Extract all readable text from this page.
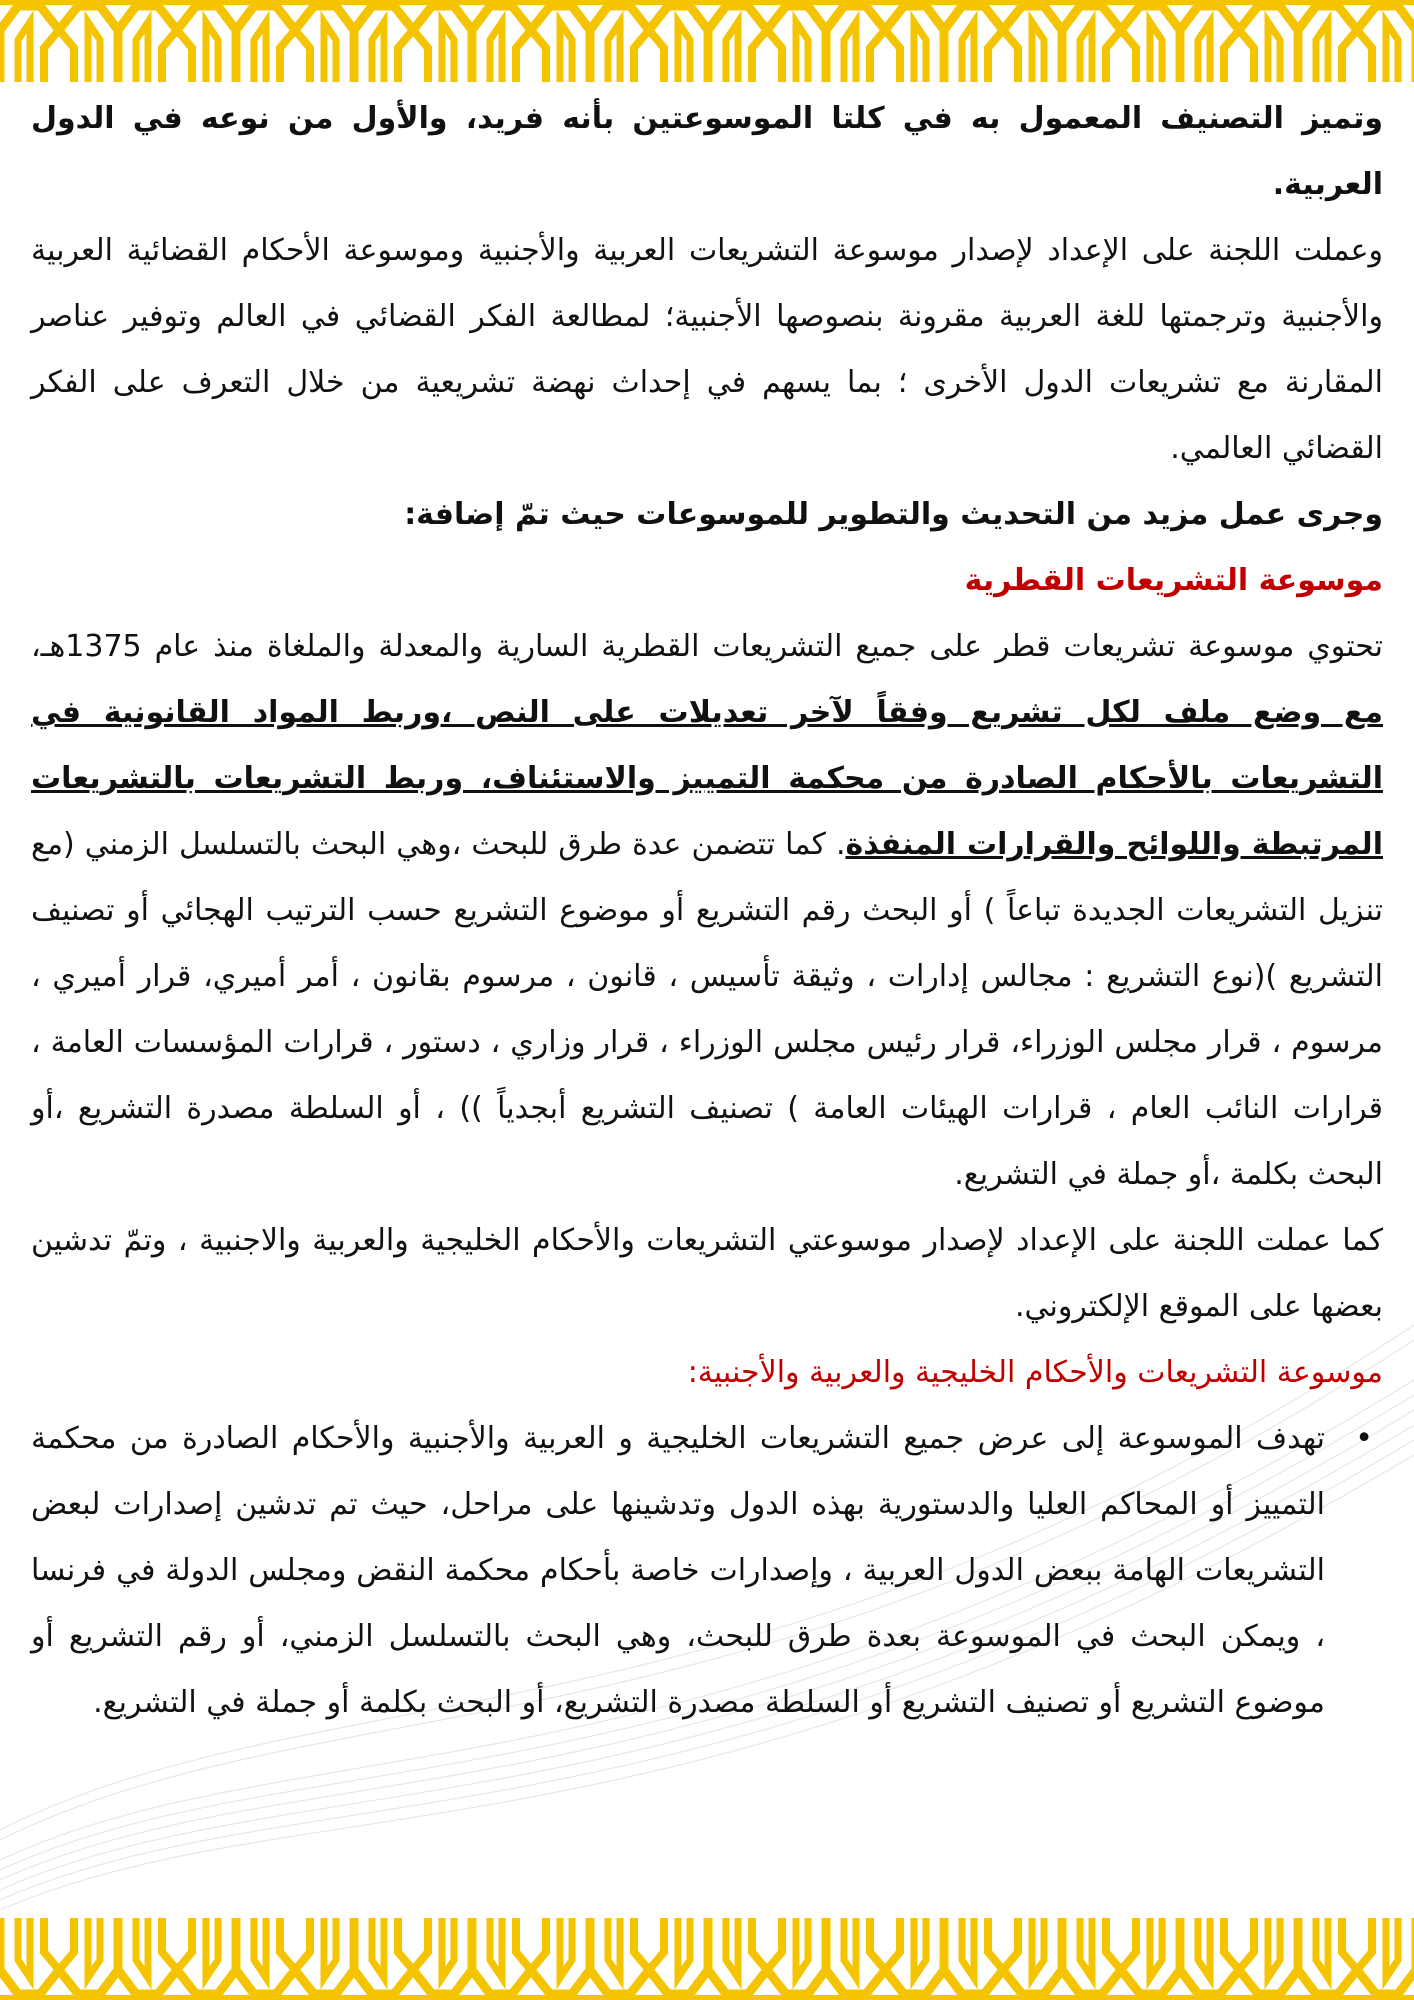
وتميز التصنيف المعمول به في كلتا الموسوعتين بأنه فريد، والأول من نوعه في الدول العربية.

وعملت اللجنة على الإعداد لإصدار موسوعة التشريعات العربية والأجنبية وموسوعة الأحكام القضائية العربية والأجنبية وترجمتها للغة العربية مقرونة بنصوصها الأجنبية؛ لمطالعة الفكر القضائي في العالم وتوفير عناصر المقارنة مع تشريعات الدول الأخرى ؛ بما يسهم في إحداث نهضة تشريعية من خلال التعرف على الفكر القضائي العالمي.

وجرى عمل مزيد من التحديث والتطوير للموسوعات حيث تمّ إضافة:

موسوعة التشريعات القطرية

تحتوي موسوعة تشريعات قطر على جميع التشريعات القطرية السارية والمعدلة والملغاة منذ عام 1375هـ، مع وضع ملف لكل تشريع وفقاً لآخر تعديلات على النص ،وربط المواد القانونية في التشريعات بالأحكام الصادرة من محكمة التمييز والاستئناف، وربط التشريعات بالتشريعات المرتبطة واللوائح والقرارات المنفذة. كما تتضمن عدة طرق للبحث ،وهي البحث بالتسلسل الزمني (مع تنزيل التشريعات الجديدة تباعاً ) أو البحث رقم التشريع أو موضوع التشريع حسب الترتيب الهجائي أو تصنيف التشريع )(نوع التشريع : مجالس إدارات ، وثيقة تأسيس ، قانون ، مرسوم بقانون ، أمر أميري، قرار أميري ، مرسوم ، قرار مجلس الوزراء، قرار رئيس مجلس الوزراء ، قرار وزاري ، دستور ، قرارات المؤسسات العامة ، قرارات النائب العام ، قرارات الهيئات العامة ) تصنيف التشريع أبجدياً )) ، أو السلطة مصدرة التشريع ،أو البحث بكلمة ،أو جملة في التشريع.

كما عملت اللجنة على الإعداد لإصدار موسوعتي التشريعات والأحكام الخليجية والعربية والاجنبية ، وتمّ تدشين بعضها على الموقع الإلكتروني.

موسوعة التشريعات والأحكام الخليجية والعربية والأجنبية:

•
تهدف الموسوعة إلى عرض جميع التشريعات الخليجية و العربية والأجنبية والأحكام الصادرة من محكمة التمييز أو المحاكم العليا والدستورية بهذه الدول وتدشينها على مراحل، حيث تم تدشين إصدارات لبعض التشريعات الهامة ببعض الدول العربية ، وإصدارات خاصة بأحكام محكمة النقض ومجلس الدولة في فرنسا ، ويمكن البحث في الموسوعة بعدة طرق للبحث، وهي البحث بالتسلسل الزمني، أو رقم التشريع أو موضوع التشريع أو تصنيف التشريع أو السلطة مصدرة التشريع، أو البحث بكلمة أو جملة في التشريع.
